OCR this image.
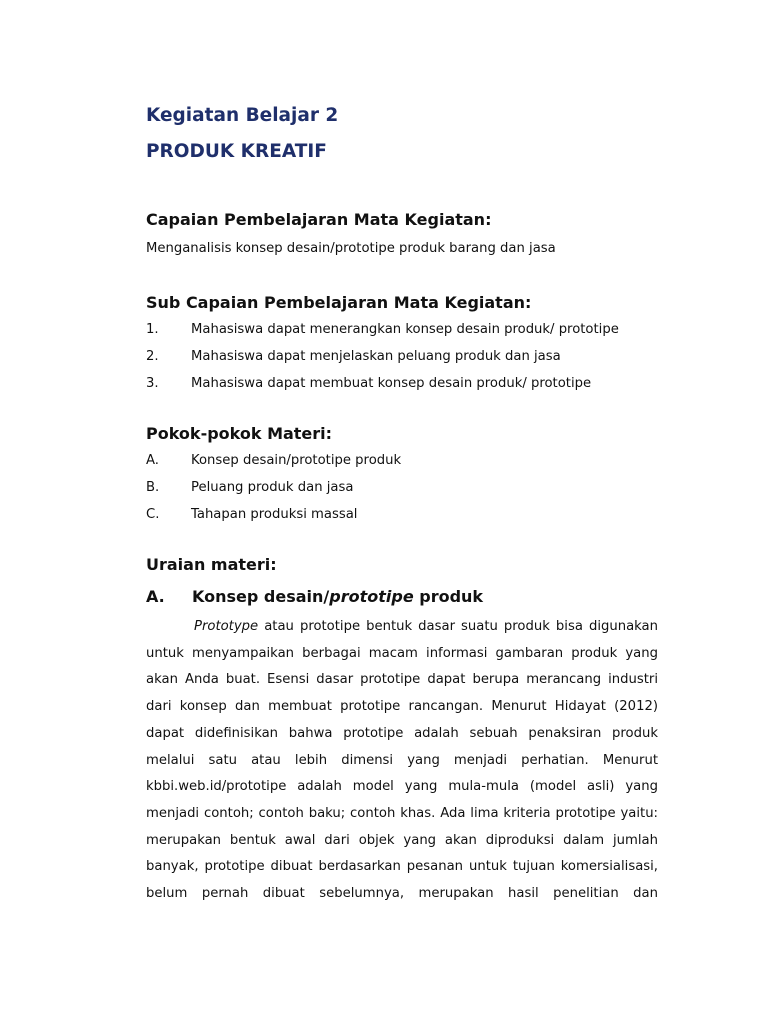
Kegiatan Belajar 2
PRODUK KREATIF
Capaian Pembelajaran Mata Kegiatan:

Menganalisis konsep desain/prototipe produk barang dan jasa

Sub Capaian Pembelajaran Mata Kegiatan:
1.	Mahasiswa dapat menerangkan konsep desain produk/ prototipe
2.	Mahasiswa dapat menjelaskan peluang produk dan jasa
3.	Mahasiswa dapat membuat konsep desain produk/ prototipe
Pokok-pokok Materi:
A.	Konsep desain/prototipe produk
B.	Peluang produk dan jasa
C.	Tahapan produksi massal
Uraian materi:
A.	Konsep desain/prototipe produk

Prototype atau prototipe bentuk dasar suatu produk bisa digunakan

untuk menyampaikan berbagai macam informasi gambaran produk yang

akan Anda buat. Esensi dasar prototipe dapat berupa merancang industri

dari konsep dan membuat prototipe rancangan. Menurut Hidayat (2012)

dapat didefinisikan bahwa prototipe adalah sebuah penaksiran produk

melalui satu atau lebih dimensi yang menjadi perhatian. Menurut

kbbi.web.id/prototipe adalah model yang mula-mula (model asli) yang

menjadi contoh; contoh baku; contoh khas. Ada lima kriteria prototipe yaitu:

merupakan bentuk awal dari objek yang akan diproduksi dalam jumlah

banyak, prototipe dibuat berdasarkan pesanan untuk tujuan komersialisasi,

belum pernah dibuat sebelumnya, merupakan hasil penelitian dan
